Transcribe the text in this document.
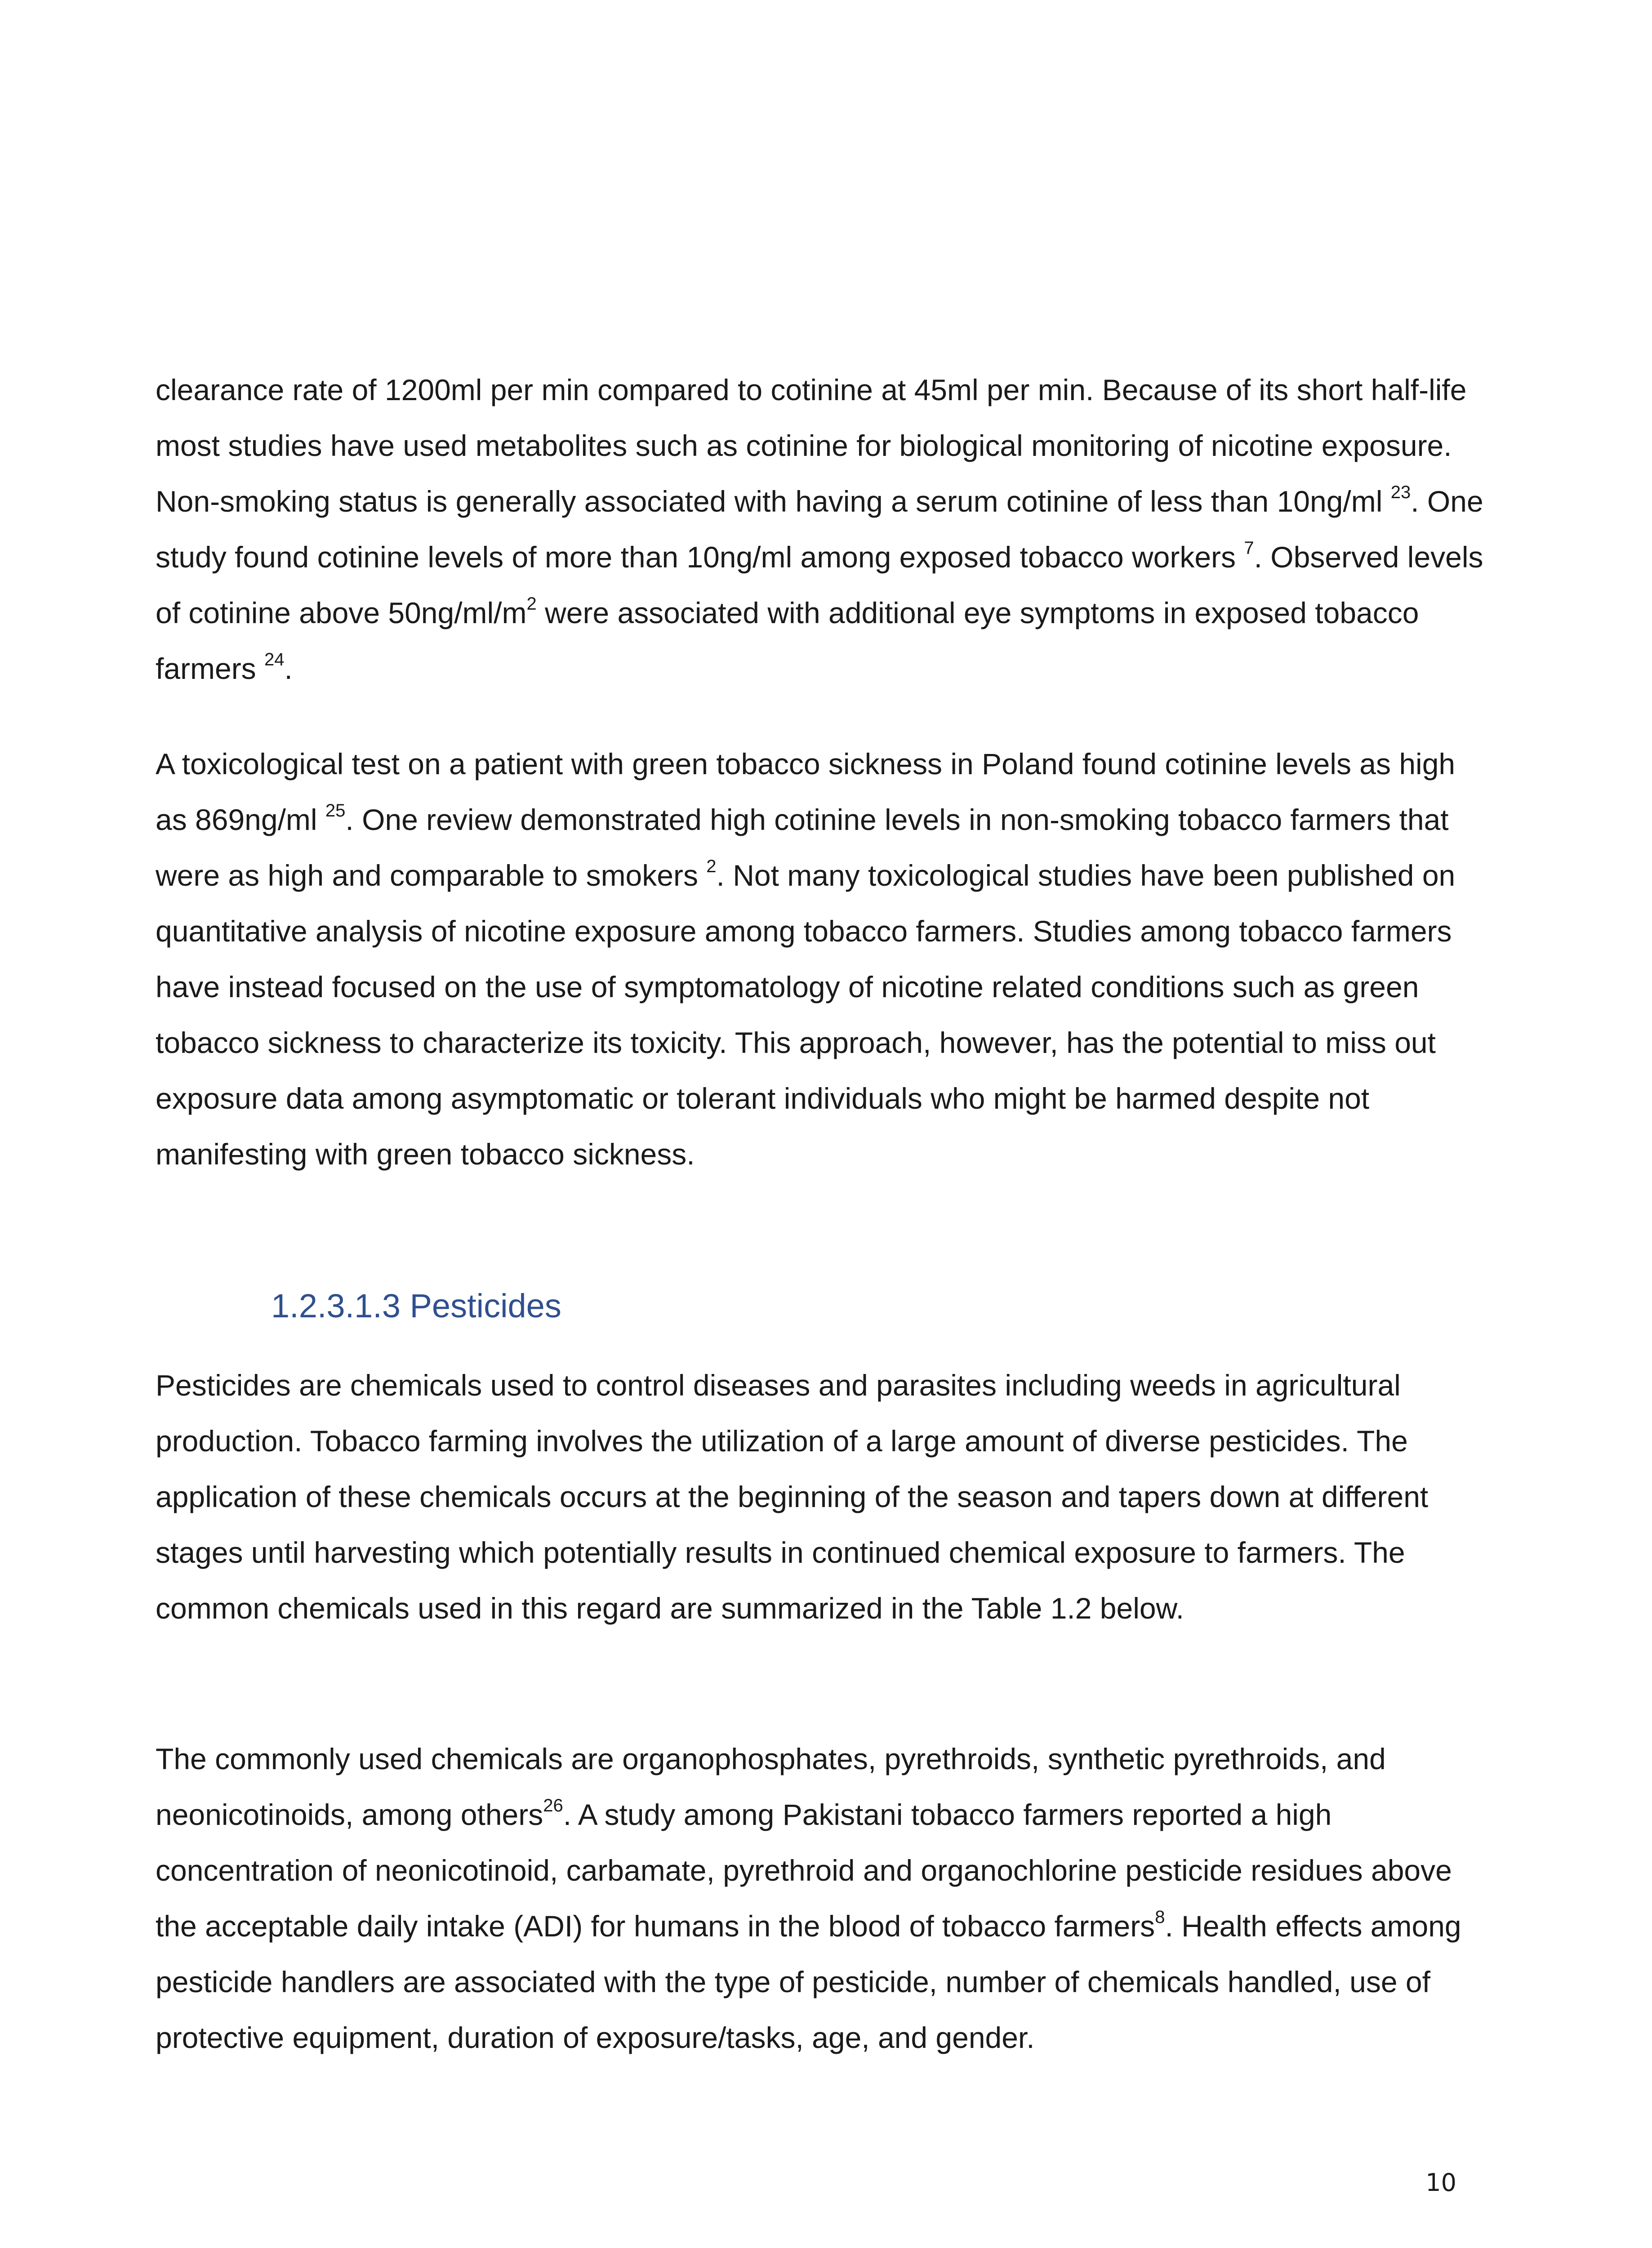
clearance rate of 1200ml per min compared to cotinine at 45ml per min. Because of its short half-life most studies have used metabolites such as cotinine for biological monitoring of nicotine exposure. Non-smoking status is generally associated with having a serum cotinine of less than 10ng/ml $^{23}$. One study found cotinine levels of more than 10ng/ml among exposed tobacco workers $^7$. Observed levels of cotinine above $50ng/ml/m^2$ were associated with additional eye symptoms in exposed tobacco farmers $^{24}$.

A toxicological test on a patient with green tobacco sickness in Poland found cotinine levels as high as 869ng/ml $^{25}$. One review demonstrated high cotinine levels in non-smoking tobacco farmers that were as high and comparable to smokers $^2$. Not many toxicological studies have been published on quantitative analysis of nicotine exposure among tobacco farmers. Studies among tobacco farmers have instead focused on the use of symptomatology of nicotine related conditions such as green tobacco sickness to characterize its toxicity. This approach, however, has the potential to miss out exposure data among asymptomatic or tolerant individuals who might be harmed despite not manifesting with green tobacco sickness.

1.2.3.1.3 Pesticides

Pesticides are chemicals used to control diseases and parasites including weeds in agricultural production. Tobacco farming involves the utilization of a large amount of diverse pesticides. The application of these chemicals occurs at the beginning of the season and tapers down at different stages until harvesting which potentially results in continued chemical exposure to farmers. The common chemicals used in this regard are summarized in the Table 1.2 below.

The commonly used chemicals are organophosphates, pyrethroids, synthetic pyrethroids, and neonicotinoids, among others$^{26}$. A study among Pakistani tobacco farmers reported a high concentration of neonicotinoid, carbamate, pyrethroid and organochlorine pesticide residues above the acceptable daily intake (ADI) for humans in the blood of tobacco farmers$^8$. Health effects among pesticide handlers are associated with the type of pesticide, number of chemicals handled, use of protective equipment, duration of exposure/tasks, age, and gender.

10
